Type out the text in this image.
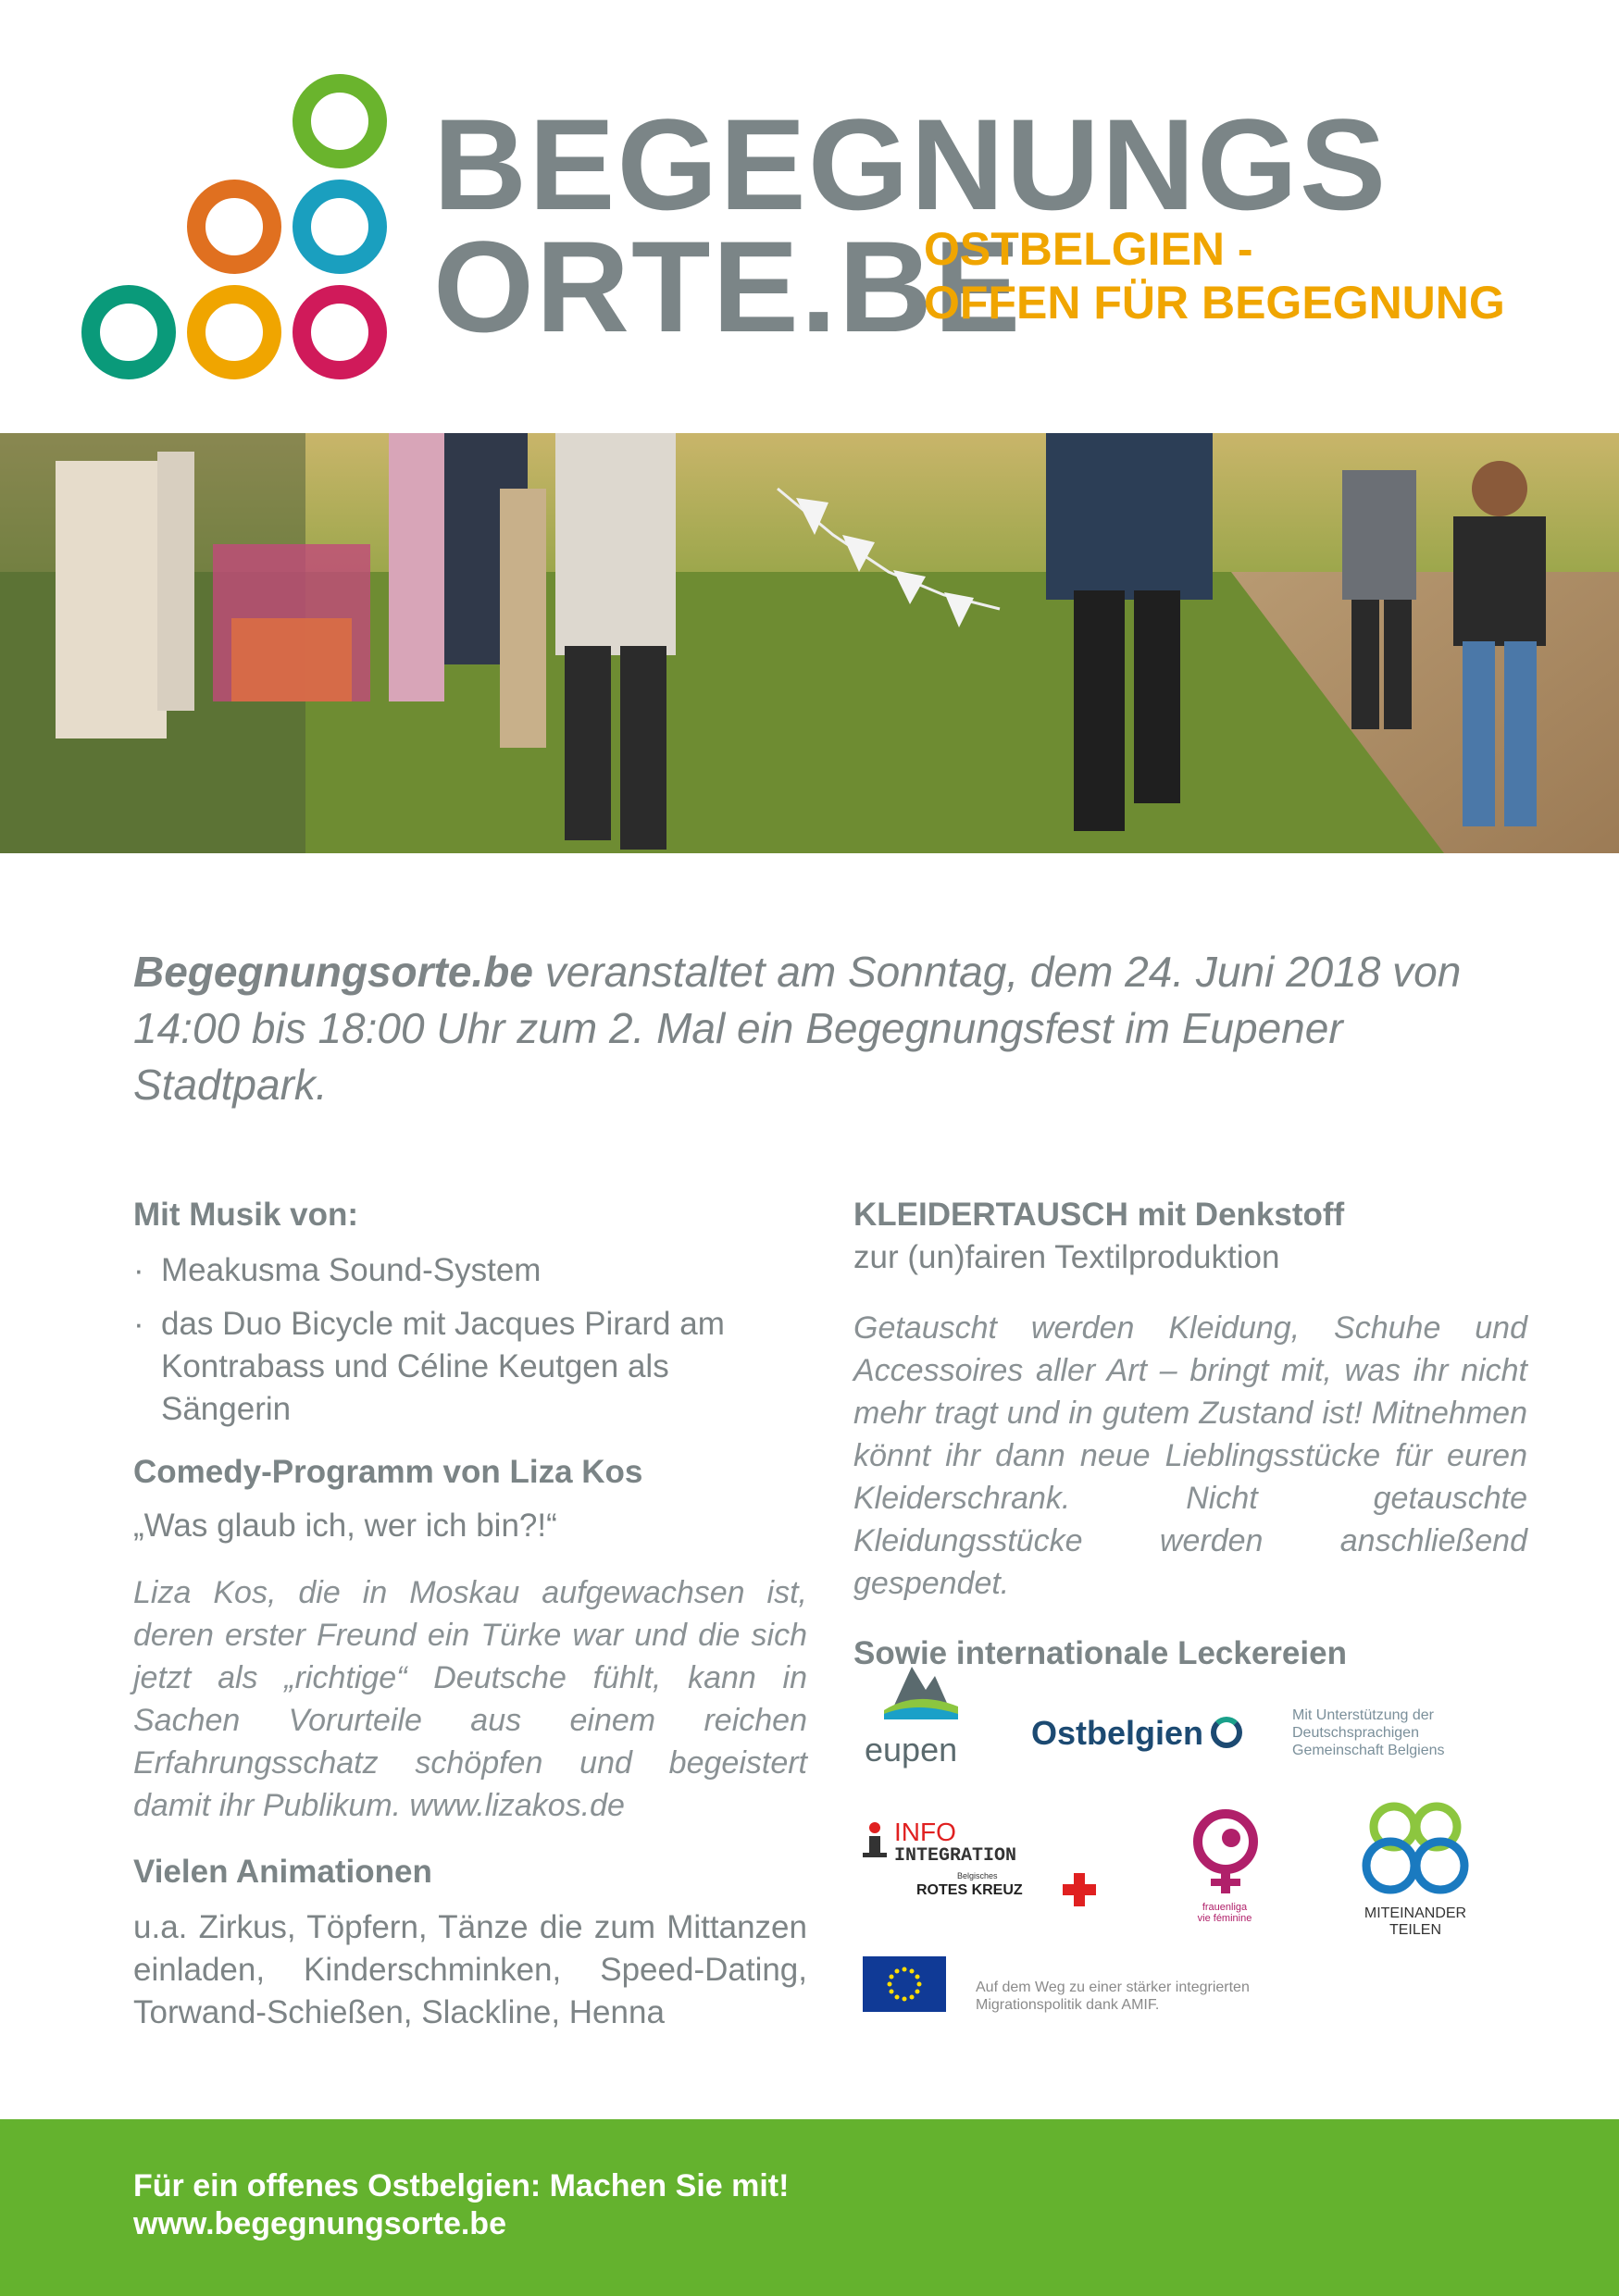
BEGEGNUNGS
ORTE.BE
OSTBELGIEN -
OFFEN FÜR BEGEGNUNG
Begegnungsorte.be veranstaltet am Sonntag, dem 24. Juni 2018 von 14:00 bis 18:00 Uhr zum 2. Mal ein Begegnungsfest im Eupener Stadtpark.
Mit Musik von:
· Meakusma Sound-System
· das Duo Bicycle mit Jacques Pirard am Kontrabass und Céline Keutgen als Sängerin
Comedy-Programm von Liza Kos
„Was glaub ich, wer ich bin?!“
Liza Kos, die in Moskau aufgewachsen ist, deren erster Freund ein Türke war und die sich jetzt als „richtige“ Deutsche fühlt, kann in Sachen Vorurteile aus einem reichen Erfahrungsschatz schöpfen und begeistert damit ihr Publikum. www.lizakos.de
Vielen Animationen
u.a. Zirkus, Töpfern, Tänze die zum Mittanzen einladen, Kinderschminken, Speed-Dating, Torwand-Schießen, Slackline, Henna
KLEIDERTAUSCH mit Denkstoff
zur (un)fairen Textilproduktion
Getauscht werden Kleidung, Schuhe und Accessoires aller Art – bringt mit, was ihr nicht mehr tragt und in gutem Zustand ist! Mitnehmen könnt ihr dann neue Lieblingsstücke für euren Kleiderschrank. Nicht getauschte Kleidungsstücke werden anschließend gespendet.
Sowie internationale Leckereien
eupen Ostbelgien	Mit Unterstützung der Deutschsprachigen Gemeinschaft Belgiens
INFO
INTEGRATION
Belgisches
ROTES KREUZ
frauenliga
vie féminine	MITEINANDER
TEILEN
Auf dem Weg zu einer stärker integrierten Migrationspolitik dank AMIF.
Für ein offenes Ostbelgien: Machen Sie mit!
www.begegnungsorte.be
